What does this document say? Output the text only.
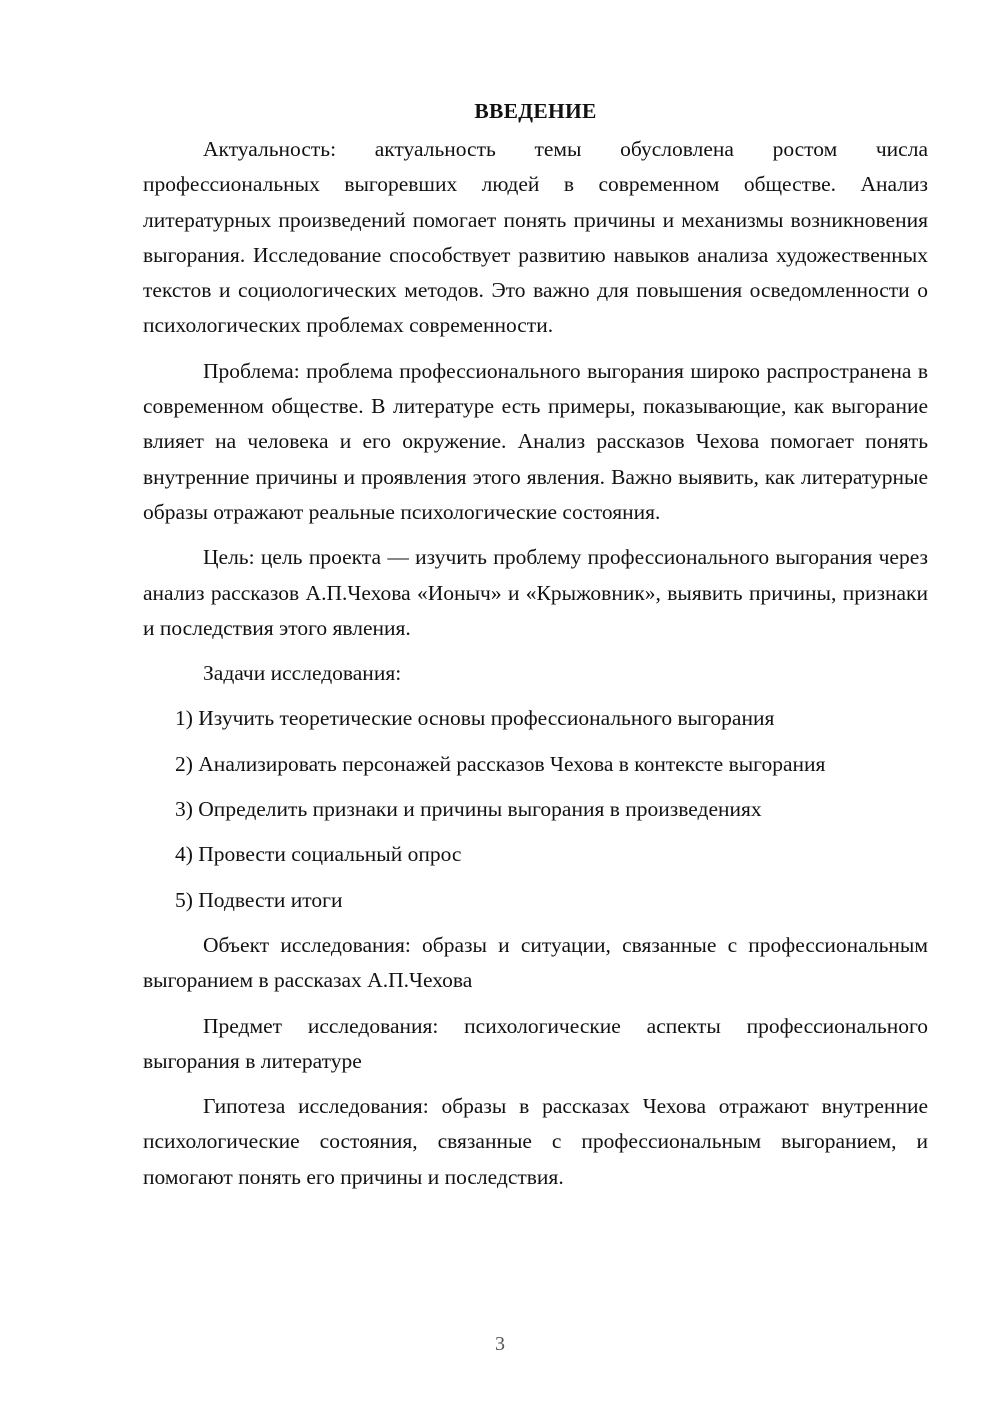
ВВЕДЕНИЕ

Актуальность: актуальность темы обусловлена ростом числа профессиональных выгоревших людей в современном обществе. Анализ литературных произведений помогает понять причины и механизмы возникновения выгорания. Исследование способствует развитию навыков анализа художественных текстов и социологических методов. Это важно для повышения осведомленности о психологических проблемах современности.

Проблема: проблема профессионального выгорания широко распространена в современном обществе. В литературе есть примеры, показывающие, как выгорание влияет на человека и его окружение. Анализ рассказов Чехова помогает понять внутренние причины и проявления этого явления. Важно выявить, как литературные образы отражают реальные психологические состояния.

Цель: цель проекта — изучить проблему профессионального выгорания через анализ рассказов А.П.Чехова «Ионыч» и «Крыжовник», выявить причины, признаки и последствия этого явления.

Задачи исследования:

1) Изучить теоретические основы профессионального выгорания

2) Анализировать персонажей рассказов Чехова в контексте выгорания

3) Определить признаки и причины выгорания в произведениях

4) Провести социальный опрос

5) Подвести итоги

Объект исследования: образы и ситуации, связанные с профессиональным выгоранием в рассказах А.П.Чехова

Предмет исследования: психологические аспекты профессионального выгорания в литературе

Гипотеза исследования: образы в рассказах Чехова отражают внутренние психологические состояния, связанные с профессиональным выгоранием, и помогают понять его причины и последствия.

3
